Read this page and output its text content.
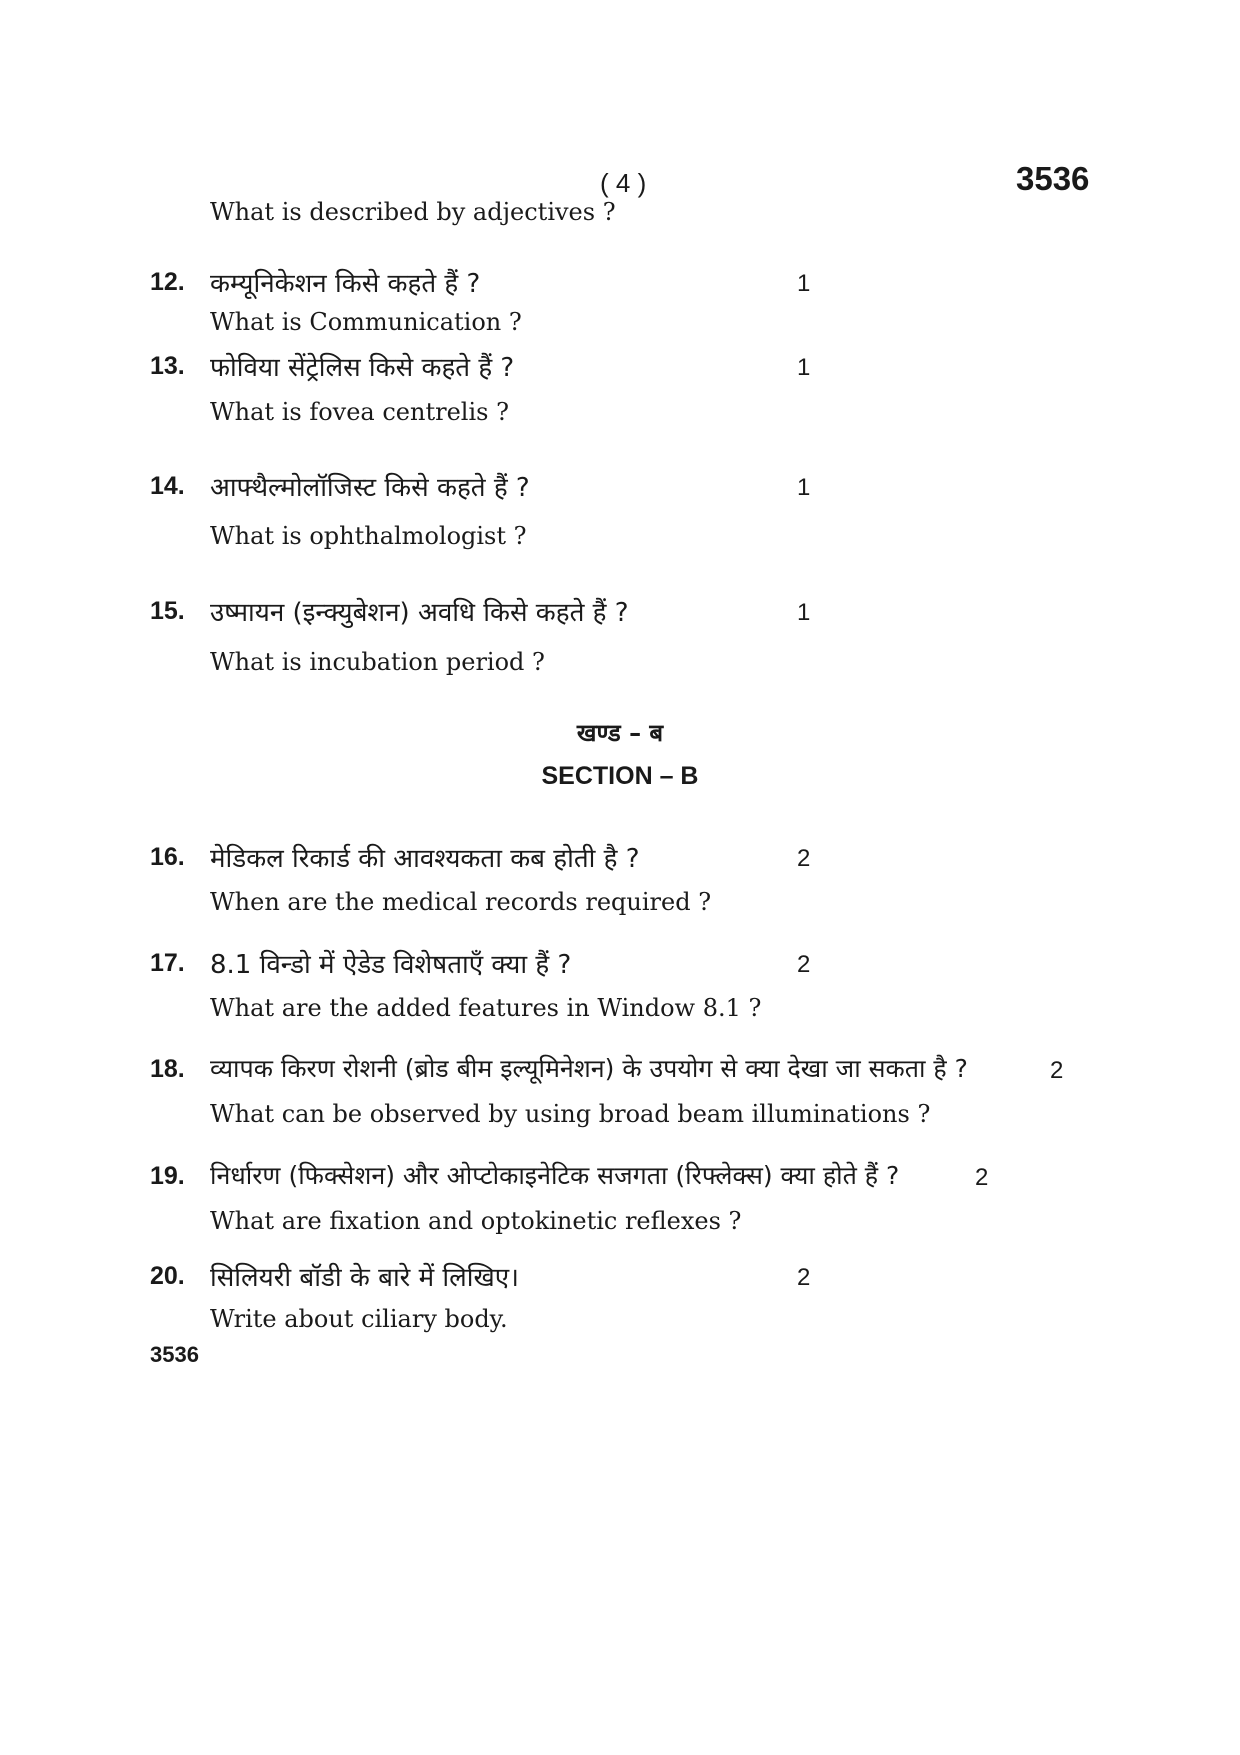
( 4 )	3536
What is described by adjectives ?
12. कम्यूनिकेशन किसे कहते हैं ?	1
What is Communication ?
13. फोविया सेंट्रेलिस किसे कहते हैं ?	1
What is fovea centrelis ?
14. आफ्थैल्मोलॉजिस्ट किसे कहते हैं ?	1
What is ophthalmologist ?
15. उष्मायन (इन्क्युबेशन) अवधि किसे कहते हैं ?	1
What is incubation period ?
खण्ड – ब
SECTION – B
16. मेडिकल रिकार्ड की आवश्यकता कब होती है ?	2
When are the medical records required ?
17. 8.1 विन्डो में ऐडेड विशेषताएँ क्या हैं ?	2
What are the added features in Window 8.1 ?
18. व्यापक किरण रोशनी (ब्रोड बीम इल्यूमिनेशन) के उपयोग से क्या देखा जा सकता है ?	2
What can be observed by using broad beam illuminations ?
19. निर्धारण (फिक्सेशन) और ओप्टोकाइनेटिक सजगता (रिफ्लेक्स) क्या होते हैं ?	2
What are fixation and optokinetic reflexes ?
20. सिलियरी बॉडी के बारे में लिखिए।	2
Write about ciliary body.
3536
